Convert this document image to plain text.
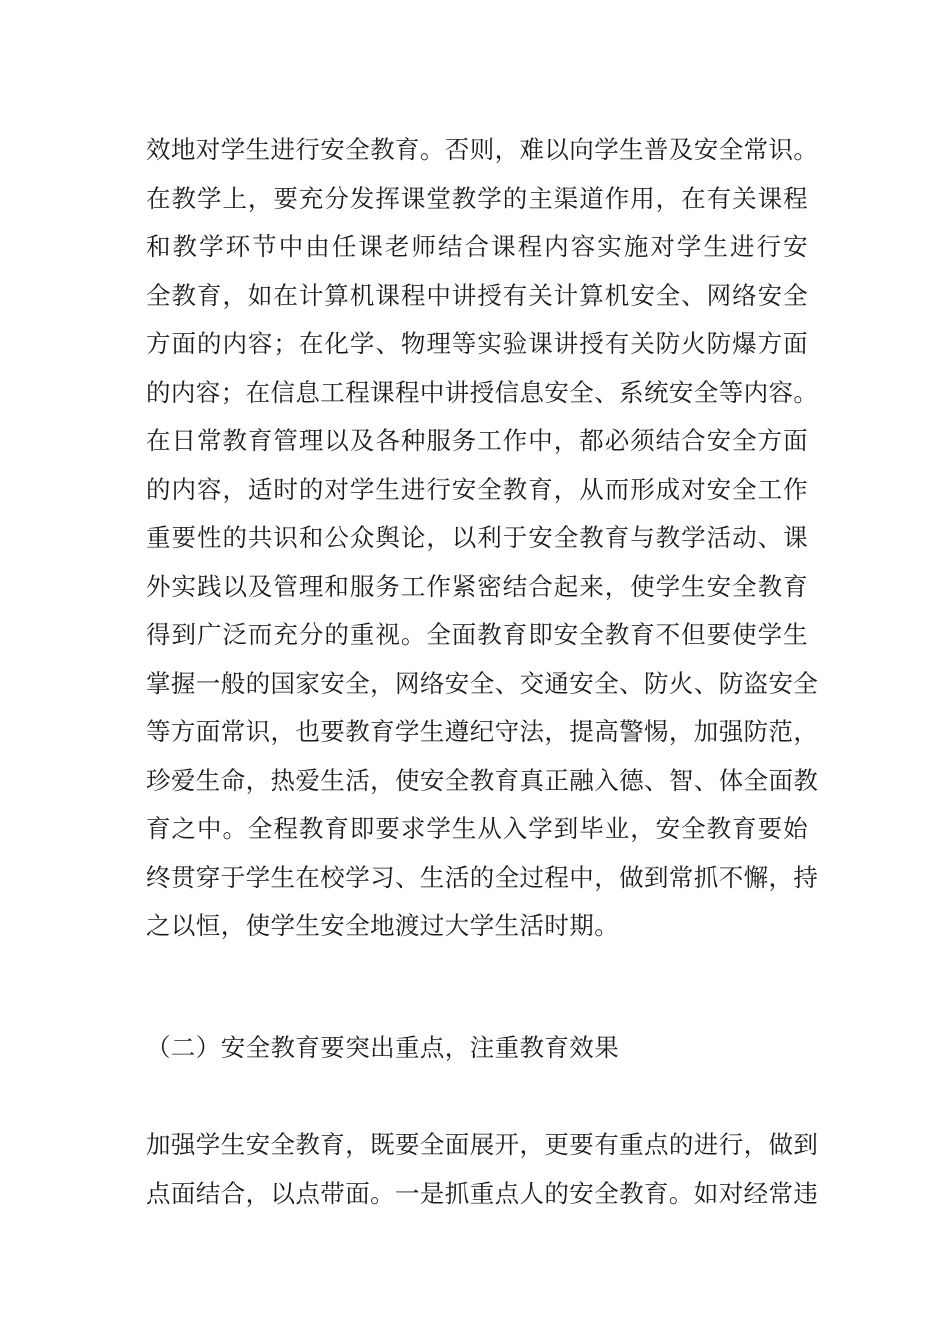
效地对学生进行安全教育。否则，难以向学生普及安全常识。
在教学上，要充分发挥课堂教学的主渠道作用，在有关课程
和教学环节中由任课老师结合课程内容实施对学生进行安
全教育，如在计算机课程中讲授有关计算机安全、网络安全
方面的内容；在化学、物理等实验课讲授有关防火防爆方面
的内容；在信息工程课程中讲授信息安全、系统安全等内容。
在日常教育管理以及各种服务工作中，都必须结合安全方面
的内容，适时的对学生进行安全教育，从而形成对安全工作
重要性的共识和公众舆论，以利于安全教育与教学活动、课
外实践以及管理和服务工作紧密结合起来，使学生安全教育
得到广泛而充分的重视。全面教育即安全教育不但要使学生
掌握一般的国家安全，网络安全、交通安全、防火、防盗安全
等方面常识，也要教育学生遵纪守法，提高警惕，加强防范，
珍爱生命，热爱生活，使安全教育真正融入德、智、体全面教
育之中。全程教育即要求学生从入学到毕业，安全教育要始
终贯穿于学生在校学习、生活的全过程中，做到常抓不懈，持
之以恒，使学生安全地渡过大学生活时期。
（二）安全教育要突出重点，注重教育效果
加强学生安全教育，既要全面展开，更要有重点的进行，做到
点面结合，以点带面。一是抓重点人的安全教育。如对经常违
